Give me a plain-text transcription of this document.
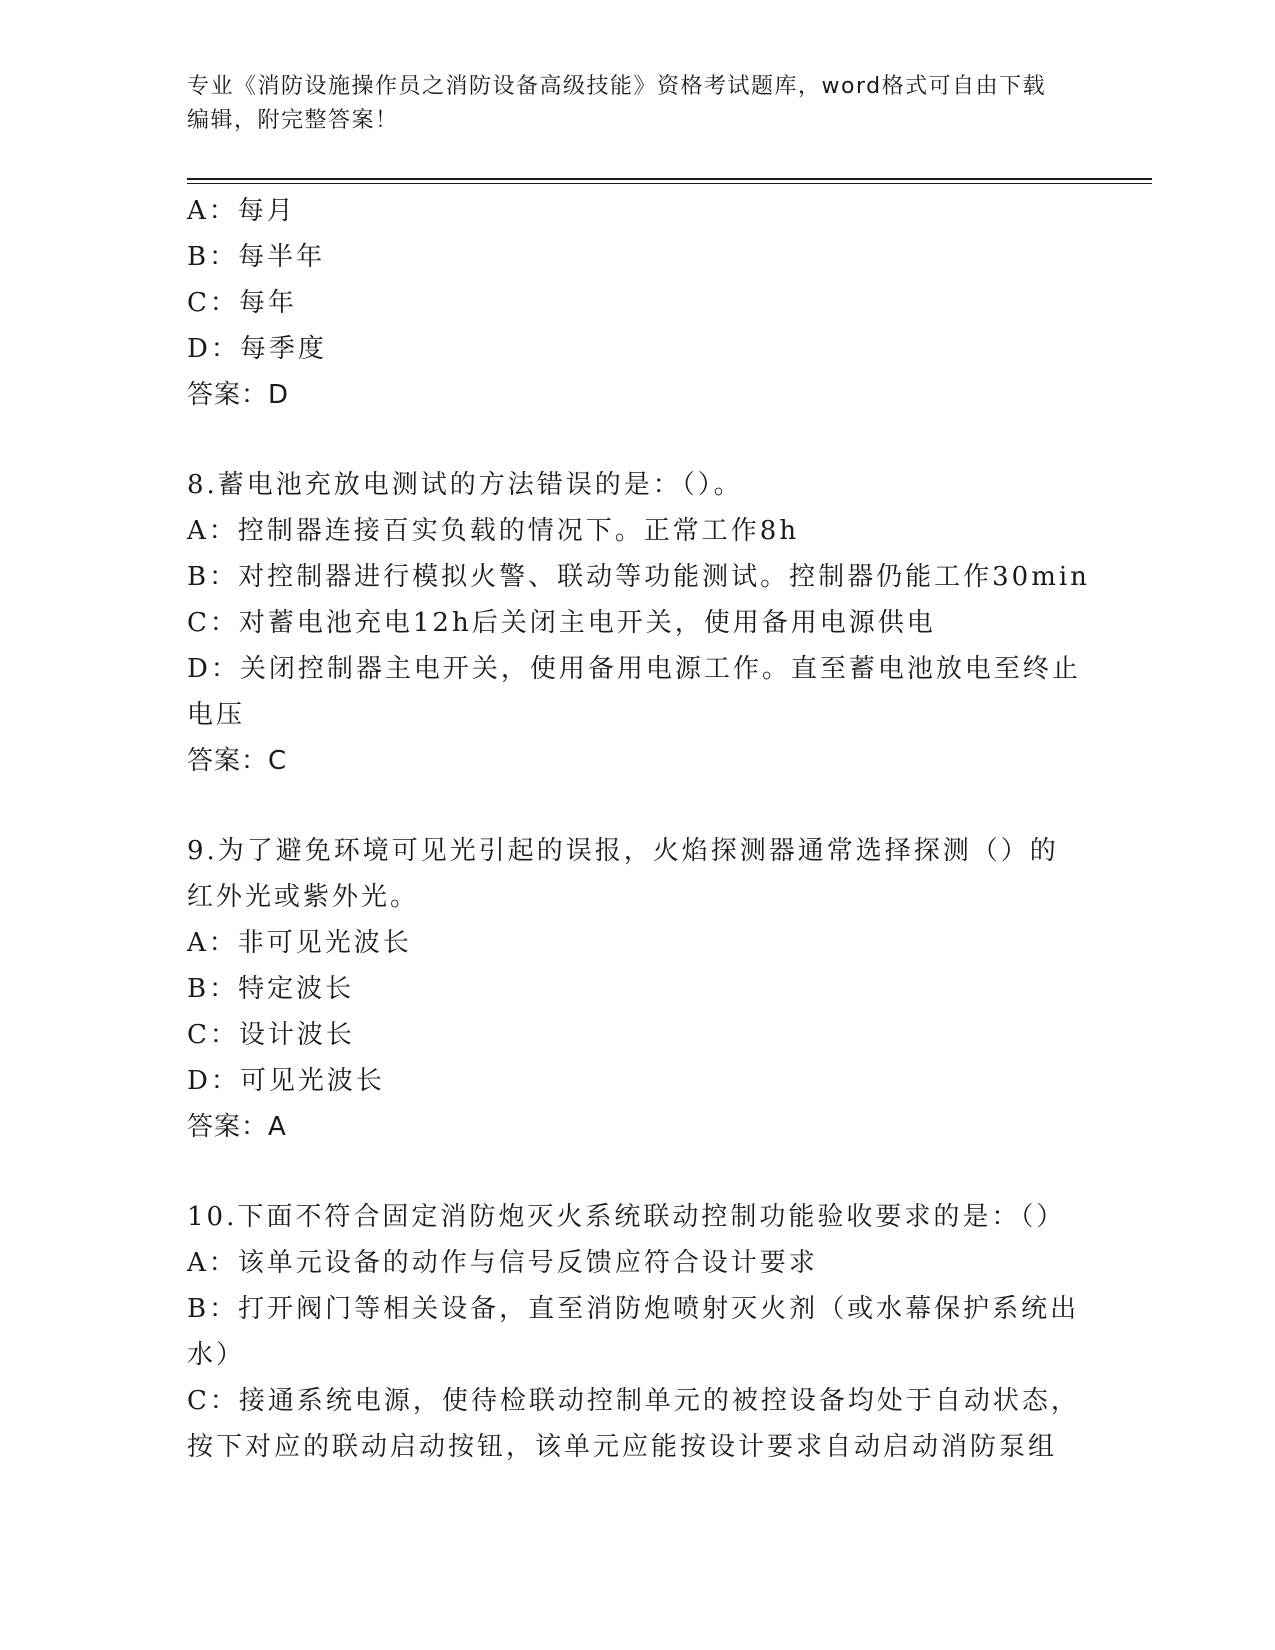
专业《消防设施操作员之消防设备高级技能》资格考试题库，word格式可自由下载编辑，附完整答案！
A：每月
B：每半年
C：每年
D：每季度
答案：D
8.蓄电池充放电测试的方法错误的是：（）。
A：控制器连接百实负载的情况下。正常工作8h
B：对控制器进行模拟火警、联动等功能测试。控制器仍能工作30min
C：对蓄电池充电12h后关闭主电开关，使用备用电源供电
D：关闭控制器主电开关，使用备用电源工作。直至蓄电池放电至终止电压
答案：C
9.为了避免环境可见光引起的误报，火焰探测器通常选择探测（）的红外光或紫外光。
A：非可见光波长
B：特定波长
C：设计波长
D：可见光波长
答案：A
10.下面不符合固定消防炮灭火系统联动控制功能验收要求的是：（）
A：该单元设备的动作与信号反馈应符合设计要求
B：打开阀门等相关设备，直至消防炮喷射灭火剂（或水幕保护系统出水）
C：接通系统电源，使待检联动控制单元的被控设备均处于自动状态，按下对应的联动启动按钮，该单元应能按设计要求自动启动消防泵组
